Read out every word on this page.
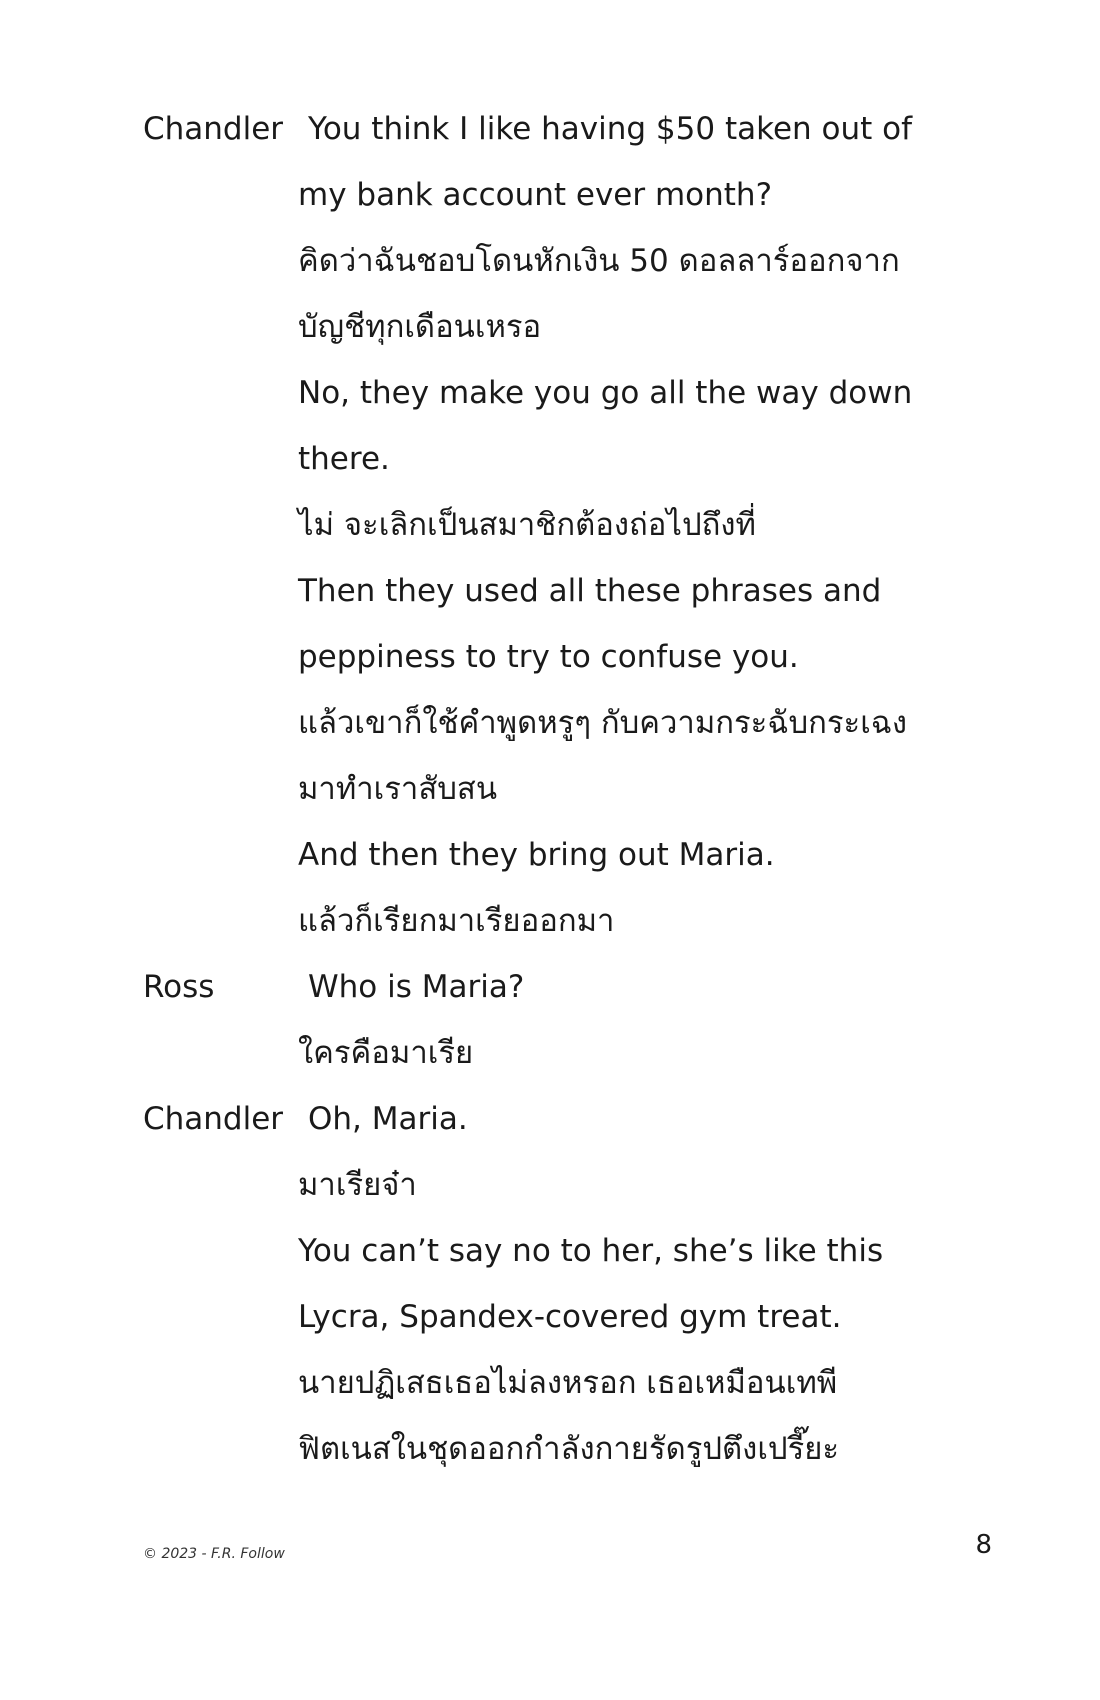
Chandler You think I like having $50 taken out of
my bank account ever month?
คิดว่าฉันชอบโดนหักเงิน 50 ดอลลาร์ออกจาก
บัญชีทุกเดือนเหรอ
No, they make you go all the way down
there.
ไม่ จะเลิกเป็นสมาชิกต้องถ่อไปถึงที่
Then they used all these phrases and
peppiness to try to confuse you.
แล้วเขาก็ใช้คำพูดหรูๆ กับความกระฉับกระเฉง
มาทำเราสับสน
And then they bring out Maria.
แล้วก็เรียกมาเรียออกมา
Ross	Who is Maria?
ใครคือมาเรีย
Chandler Oh, Maria.
มาเรียจ๋า
You can’t say no to her, she’s like this
Lycra, Spandex-covered gym treat.
นายปฏิเสธเธอไม่ลงหรอก เธอเหมือนเทพี
ฟิตเนสในชุดออกกำลังกายรัดรูปตึงเปรี๊ยะ
© 2023 - F.R. Follow	8
